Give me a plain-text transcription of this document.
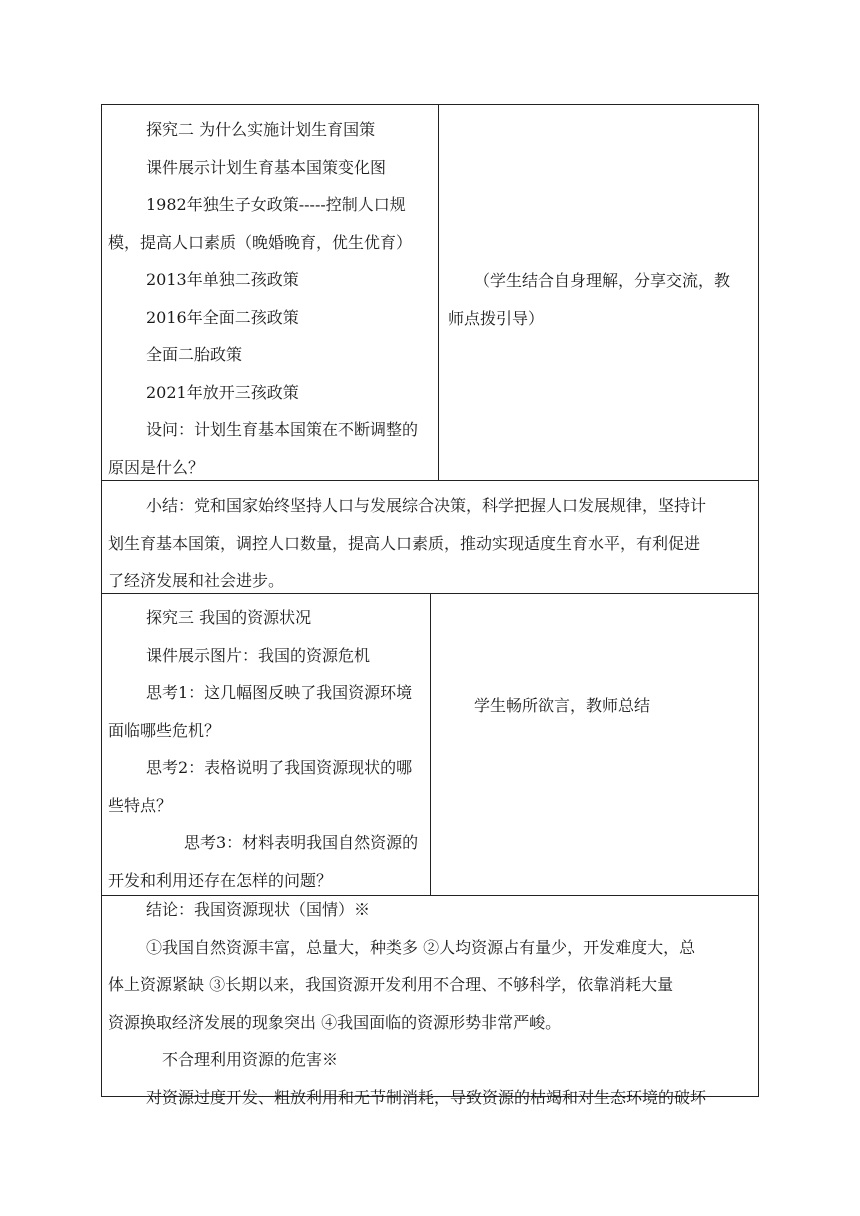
探究二 为什么实施计划生育国策
课件展示计划生育基本国策变化图
1982年独生子女政策-----控制人口规
模，提高人口素质（晚婚晚育，优生优育）
2013年单独二孩政策
2016年全面二孩政策
全面二胎政策
2021年放开三孩政策
设问：计划生育基本国策在不断调整的
原因是什么？
（学生结合自身理解，分享交流，教
师点拨引导）
小结：党和国家始终坚持人口与发展综合决策，科学把握人口发展规律，坚持计
划生育基本国策，调控人口数量，提高人口素质，推动实现适度生育水平，有利促进
了经济发展和社会进步。
探究三 我国的资源状况
课件展示图片：我国的资源危机
思考1：这几幅图反映了我国资源环境
面临哪些危机？
思考2：表格说明了我国资源现状的哪
些特点？
思考3：材料表明我国自然资源的
开发和利用还存在怎样的问题？
学生畅所欲言，教师总结
结论：我国资源现状（国情）※
①我国自然资源丰富，总量大，种类多 ②人均资源占有量少，开发难度大，总
体上资源紧缺 ③长期以来，我国资源开发利用不合理、不够科学，依靠消耗大量
资源换取经济发展的现象突出 ④我国面临的资源形势非常严峻。
不合理利用资源的危害※
对资源过度开发、粗放利用和无节制消耗，导致资源的枯竭和对生态环境的破坏
